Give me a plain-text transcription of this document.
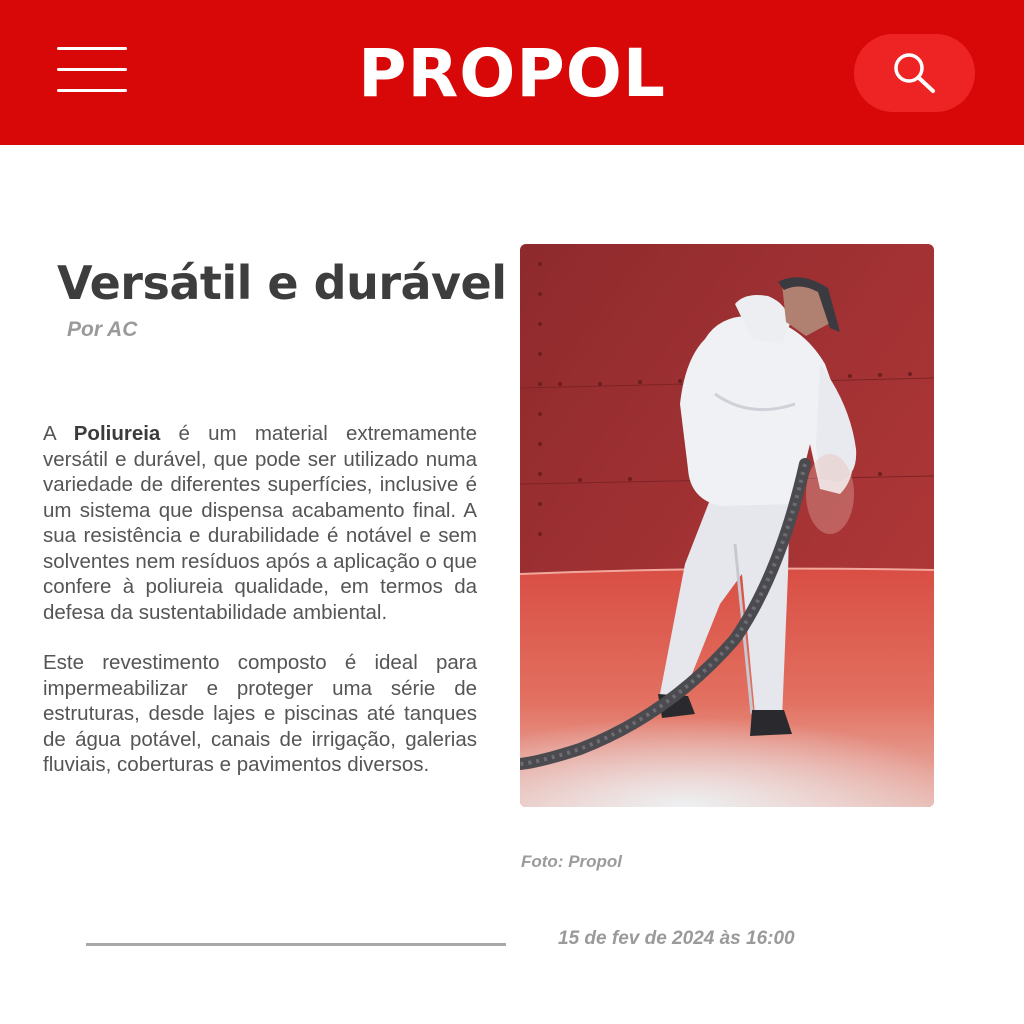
PROPOL
Versátil e durável
Por AC

A Poliureia é um material extremamente versátil e durável, que pode ser utilizado numa variedade de diferentes superfícies, inclusive é um sistema que dispensa acabamento final. A sua resistência e durabilidade é notável e sem solventes nem resíduos após a aplicação o que confere à poliureia qualidade, em termos da defesa da sustentabilidade ambiental.

Este revestimento composto é ideal para impermeabilizar e proteger uma série de estruturas, desde lajes e piscinas até tanques de água potável, canais de irrigação, galerias fluviais, coberturas e pavimentos diversos.

Foto: Propol
15 de fev de 2024 às 16:00
